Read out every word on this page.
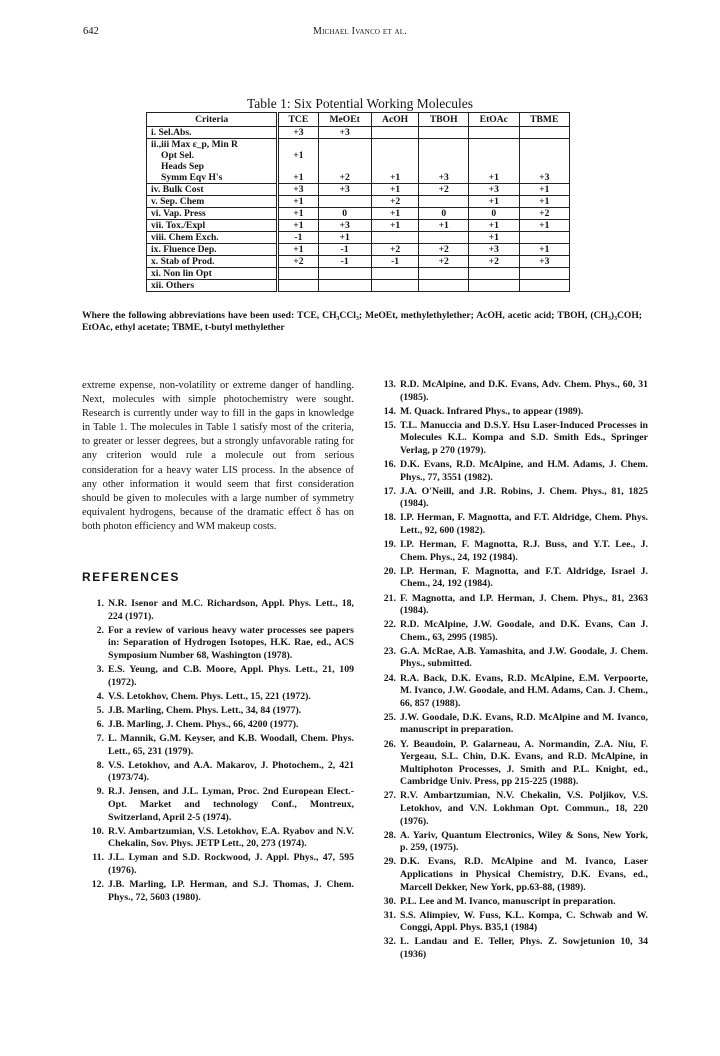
642	Michael Ivanco et al.
Table 1: Six Potential Working Molecules
Criteria	TCE	MeOEt	AcOH	TBOH	EtOAc	TBME
i. Sel.Abs.	+3	+3				
ii.,iii Max ε_p, Min R						
Opt Sel.	+1					
Heads Sep						
Symm Eqv H's	+1	+2	+1	+3	+1	+3
iv. Bulk Cost	+3	+3	+1	+2	+3	+1
v. Sep. Chem	+1		+2		+1	+1
vi. Vap. Press	+1	0	+1	0	0	+2
vii. Tox./Expl	+1	+3	+1	+1	+1	+1
viii. Chem Exch.	-1	+1			+1	
ix. Fluence Dep.	+1	-1	+2	+2	+3	+1
x. Stab of Prod.	+2	-1	-1	+2	+2	+3
xi. Non lin Opt						
xii. Others						
Where the following abbreviations have been used: TCE, CH₃CCl₃; MeOEt, methylethylether; AcOH, acetic acid; TBOH, (CH₃)₃COH; EtOAc, ethyl acetate; TBME, t-butyl methylether

extreme expense, non-volatility or extreme danger of handling. Next, molecules with simple photochemistry were sought. Research is currently under way to fill in the gaps in knowledge in Table 1. The molecules in Table 1 satisfy most of the criteria, to greater or lesser degrees, but a strongly unfavorable rating for any criterion would rule a molecule out from serious consideration for a heavy water LIS process. In the absence of any other information it would seem that first consideration should be given to molecules with a large number of symmetry equivalent hydrogens, because of the dramatic effect δ has on both photon efficiency and WM makeup costs.

REFERENCES
1. N.R. Isenor and M.C. Richardson, Appl. Phys. Lett., 18, 224 (1971).
2. For a review of various heavy water processes see papers in: Separation of Hydrogen Isotopes, H.K. Rae, ed., ACS Symposium Number 68, Washington (1978).
3. E.S. Yeung, and C.B. Moore, Appl. Phys. Lett., 21, 109 (1972).
4. V.S. Letokhov, Chem. Phys. Lett., 15, 221 (1972).
5. J.B. Marling, Chem. Phys. Lett., 34, 84 (1977).
6. J.B. Marling, J. Chem. Phys., 66, 4200 (1977).
7. L. Mannik, G.M. Keyser, and K.B. Woodall, Chem. Phys. Lett., 65, 231 (1979).
8. V.S. Letokhov, and A.A. Makarov, J. Photochem., 2, 421 (1973/74).
9. R.J. Jensen, and J.L. Lyman, Proc. 2nd European Elect.-Opt. Market and technology Conf., Montreux, Switzerland, April 2-5 (1974).
10. R.V. Ambartzumian, V.S. Letokhov, E.A. Ryabov and N.V. Chekalin, Sov. Phys. JETP Lett., 20, 273 (1974).
11. J.L. Lyman and S.D. Rockwood, J. Appl. Phys., 47, 595 (1976).
12. J.B. Marling, I.P. Herman, and S.J. Thomas, J. Chem. Phys., 72, 5603 (1980).
13. R.D. McAlpine, and D.K. Evans, Adv. Chem. Phys., 60, 31 (1985).
14. M. Quack. Infrared Phys., to appear (1989).
15. T.L. Manuccia and D.S.Y. Hsu Laser-Induced Processes in Molecules K.L. Kompa and S.D. Smith Eds., Springer Verlag, p 270 (1979).
16. D.K. Evans, R.D. McAlpine, and H.M. Adams, J. Chem. Phys., 77, 3551 (1982).
17. J.A. O'Neill, and J.R. Robins, J. Chem. Phys., 81, 1825 (1984).
18. I.P. Herman, F. Magnotta, and F.T. Aldridge, Chem. Phys. Lett., 92, 600 (1982).
19. I.P. Herman, F. Magnotta, R.J. Buss, and Y.T. Lee., J. Chem. Phys., 24, 192 (1984).
20. I.P. Herman, F. Magnotta, and F.T. Aldridge, Israel J. Chem., 24, 192 (1984).
21. F. Magnotta, and I.P. Herman, J. Chem. Phys., 81, 2363 (1984).
22. R.D. McAlpine, J.W. Goodale, and D.K. Evans, Can J. Chem., 63, 2995 (1985).
23. G.A. McRae, A.B. Yamashita, and J.W. Goodale, J. Chem. Phys., submitted.
24. R.A. Back, D.K. Evans, R.D. McAlpine, E.M. Verpoorte, M. Ivanco, J.W. Goodale, and H.M. Adams, Can. J. Chem., 66, 857 (1988).
25. J.W. Goodale, D.K. Evans, R.D. McAlpine and M. Ivanco, manuscript in preparation.
26. Y. Beaudoin, P. Galarneau, A. Normandin, Z.A. Niu, F. Yergeau, S.L. Chin, D.K. Evans, and R.D. McAlpine, in Multiphoton Processes, J. Smith and P.L. Knight, ed., Cambridge Univ. Press, pp 215-225 (1988).
27. R.V. Ambartzumian, N.V. Chekalin, V.S. Poljikov, V.S. Letokhov, and V.N. Lokhman Opt. Commun., 18, 220 (1976).
28. A. Yariv, Quantum Electronics, Wiley & Sons, New York, p. 259, (1975).
29. D.K. Evans, R.D. McAlpine and M. Ivanco, Laser Applications in Physical Chemistry, D.K. Evans, ed., Marcell Dekker, New York, pp.63-88, (1989).
30. P.L. Lee and M. Ivanco, manuscript in preparation.
31. S.S. Alimpiev, W. Fuss, K.L. Kompa, C. Schwab and W. Conggi, Appl. Phys. B35,1 (1984)
32. L. Landau and E. Teller, Phys. Z. Sowjetunion 10, 34 (1936)
